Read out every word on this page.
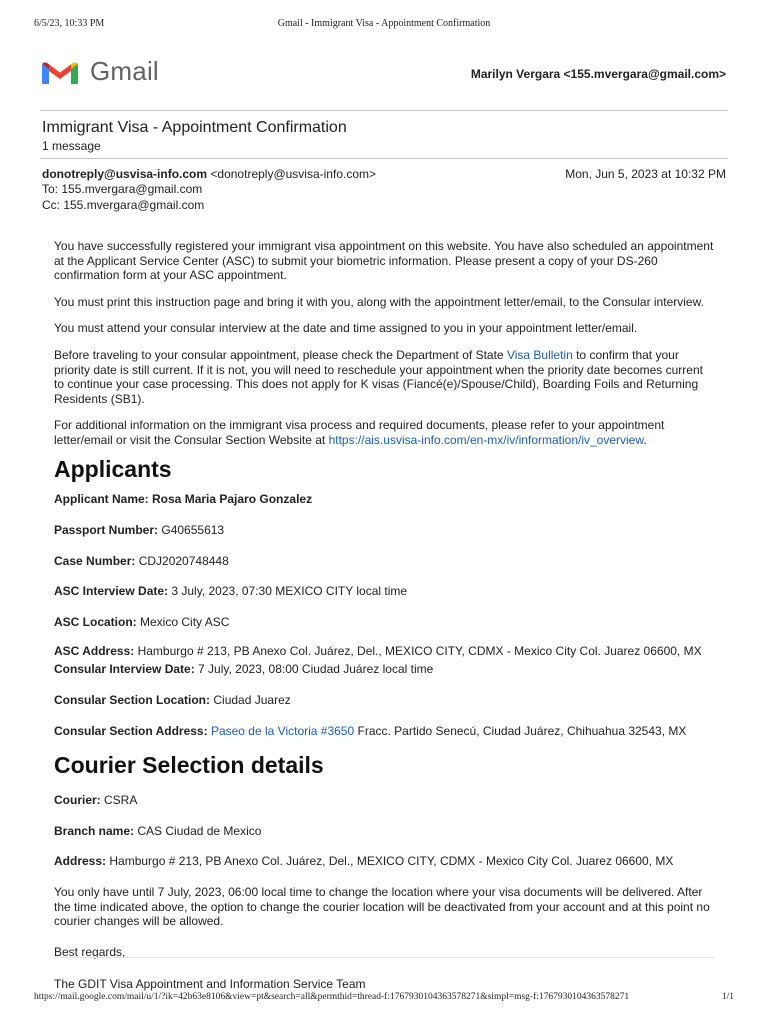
6/5/23, 10:33 PM	Gmail - Immigrant Visa - Appointment Confirmation
Gmail	Marilyn Vergara <155.mvergara@gmail.com>
Immigrant Visa - Appointment Confirmation
1 message
donotreply@usvisa-info.com <donotreply@usvisa-info.com>	Mon, Jun 5, 2023 at 10:32 PM
To: 155.mvergara@gmail.com
Cc: 155.mvergara@gmail.com

You have successfully registered your immigrant visa appointment on this website. You have also scheduled an appointment at the Applicant Service Center (ASC) to submit your biometric information. Please present a copy of your DS-260 confirmation form at your ASC appointment.

You must print this instruction page and bring it with you, along with the appointment letter/email, to the Consular interview.

You must attend your consular interview at the date and time assigned to you in your appointment letter/email.

Before traveling to your consular appointment, please check the Department of State Visa Bulletin to confirm that your priority date is still current. If it is not, you will need to reschedule your appointment when the priority date becomes current to continue your case processing. This does not apply for K visas (Fiancé(e)/Spouse/Child), Boarding Foils and Returning Residents (SB1).

For additional information on the immigrant visa process and required documents, please refer to your appointment letter/email or visit the Consular Section Website at https://ais.usvisa-info.com/en-mx/iv/information/iv_overview.

Applicants

Applicant Name: Rosa Maria Pajaro Gonzalez

Passport Number: G40655613

Case Number: CDJ2020748448

ASC Interview Date: 3 July, 2023, 07:30 MEXICO CITY local time

ASC Location: Mexico City ASC

ASC Address: Hamburgo # 213, PB Anexo Col. Juárez, Del., MEXICO CITY, CDMX - Mexico City Col. Juarez 06600, MX

Consular Interview Date: 7 July, 2023, 08:00 Ciudad Juárez local time

Consular Section Location: Ciudad Juarez

Consular Section Address: Paseo de la Victoria #3650 Fracc. Partido Senecú, Ciudad Juárez, Chihuahua 32543, MX

Courier Selection details

Courier: CSRA

Branch name: CAS Ciudad de Mexico

Address: Hamburgo # 213, PB Anexo Col. Juárez, Del., MEXICO CITY, CDMX - Mexico City Col. Juarez 06600, MX

You only have until 7 July, 2023, 06:00 local time to change the location where your visa documents will be delivered. After the time indicated above, the option to change the courier location will be deactivated from your account and at this point no courier changes will be allowed.

Best regards,

The GDIT Visa Appointment and Information Service Team

https://mail.google.com/mail/u/1/?ik=42b63e8106&view=pt&search=all&permthid=thread-f:1767930104363578271&simpl=msg-f:1767930104363578271	1/1
